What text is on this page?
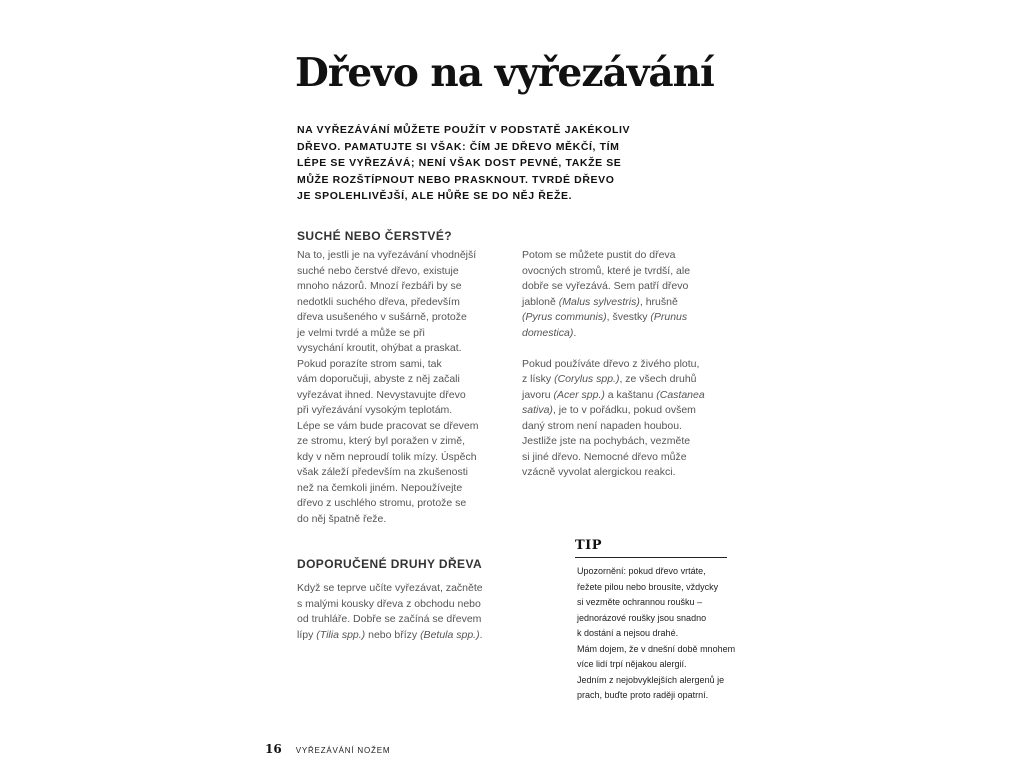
Dřevo na vyřezávání

NA VYŘEZÁVÁNÍ MŮŽETE POUŽÍT V PODSTATĚ JAKÉKOLIV

DŘEVO. PAMATUJTE SI VŠAK: ČÍM JE DŘEVO MĚKČÍ, TÍM

LÉPE SE VYŘEZÁVÁ; NENÍ VŠAK DOST PEVNÉ, TAKŽE SE

MŮŽE ROZŠTÍPNOUT NEBO PRASKNOUT. TVRDÉ DŘEVO

JE SPOLEHLIVĚJŠÍ, ALE HŮŘE SE DO NĚJ ŘEŽE.

SUCHÉ NEBO ČERSTVÉ?

Na to, jestli je na vyřezávání vhodnější

suché nebo čerstvé dřevo, existuje

mnoho názorů. Mnozí řezbáři by se

nedotkli suchého dřeva, především

dřeva usušeného v sušárně, protože

je velmi tvrdé a může se při

vysychání kroutit, ohýbat a praskat.

Pokud porazíte strom sami, tak

vám doporučuji, abyste z něj začali

vyřezávat ihned. Nevystavujte dřevo

při vyřezávání vysokým teplotám.

Lépe se vám bude pracovat se dřevem

ze stromu, který byl poražen v zimě,

kdy v něm neproudí tolik mízy. Úspěch

však záleží především na zkušenosti

než na čemkoli jiném. Nepoužívejte

dřevo z uschlého stromu, protože se

do něj špatně řeže.

Potom se můžete pustit do dřeva

ovocných stromů, které je tvrdší, ale

dobře se vyřezává. Sem patří dřevo

jabloně (Malus sylvestris), hrušně

(Pyrus communis), švestky (Prunus

domestica).

Pokud používáte dřevo z živého plotu,

z lísky (Corylus spp.), ze všech druhů

javoru (Acer spp.) a kaštanu (Castanea

sativa), je to v pořádku, pokud ovšem

daný strom není napaden houbou.

Jestliže jste na pochybách, vezměte

si jiné dřevo. Nemocné dřevo může

vzácně vyvolat alergickou reakci.

DOPORUČENÉ DRUHY DŘEVA

Když se teprve učíte vyřezávat, začněte

s malými kousky dřeva z obchodu nebo

od truhláře. Dobře se začíná se dřevem

lípy (Tilia spp.) nebo břízy (Betula spp.).

TIP

Upozornění: pokud dřevo vrtáte,

řežete pilou nebo brousíte, vždycky

si vezměte ochrannou roušku –

jednorázové roušky jsou snadno

k dostání a nejsou drahé.

Mám dojem, že v dnešní době mnohem

více lidí trpí nějakou alergií.

Jedním z nejobvyklejších alergenů je

prach, buďte proto raději opatrní.

16 VYŘEZÁVÁNÍ NOŽEM
